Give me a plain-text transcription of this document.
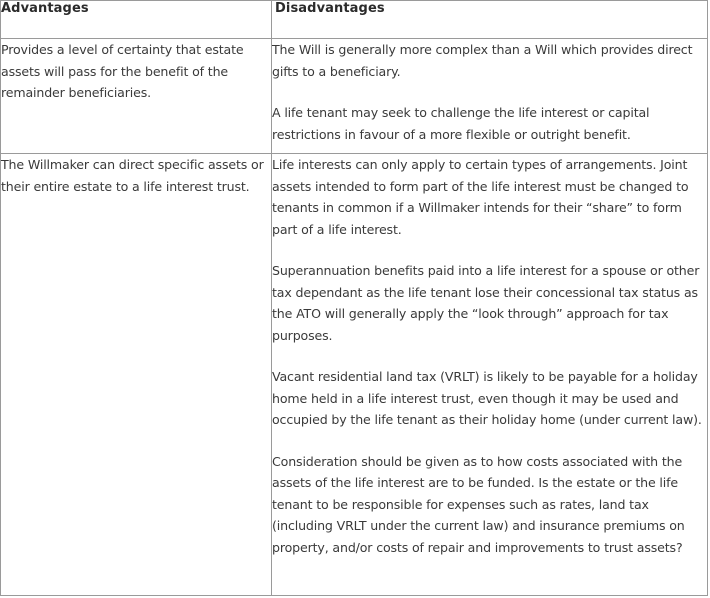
Advantages	Disadvantages

Provides a level of certainty that estate assets will pass for the benefit of the remainder beneficiaries.	The Will is generally more complex than a Will which provides direct gifts to a beneficiary.

A life tenant may seek to challenge the life interest or capital restrictions in favour of a more flexible or outright benefit.

The Willmaker can direct specific assets or their entire estate to a life interest trust.	Life interests can only apply to certain types of arrangements. Joint assets intended to form part of the life interest must be changed to tenants in common if a Willmaker intends for their “share” to form part of a life interest.

Superannuation benefits paid into a life interest for a spouse or other tax dependant as the life tenant lose their concessional tax status as the ATO will generally apply the “look through” approach for tax purposes.

Vacant residential land tax (VRLT) is likely to be payable for a holiday home held in a life interest trust, even though it may be used and occupied by the life tenant as their holiday home (under current law).

Consideration should be given as to how costs associated with the assets of the life interest are to be funded. Is the estate or the life tenant to be responsible for expenses such as rates, land tax (including VRLT under the current law) and insurance premiums on property, and/or costs of repair and improvements to trust assets?
